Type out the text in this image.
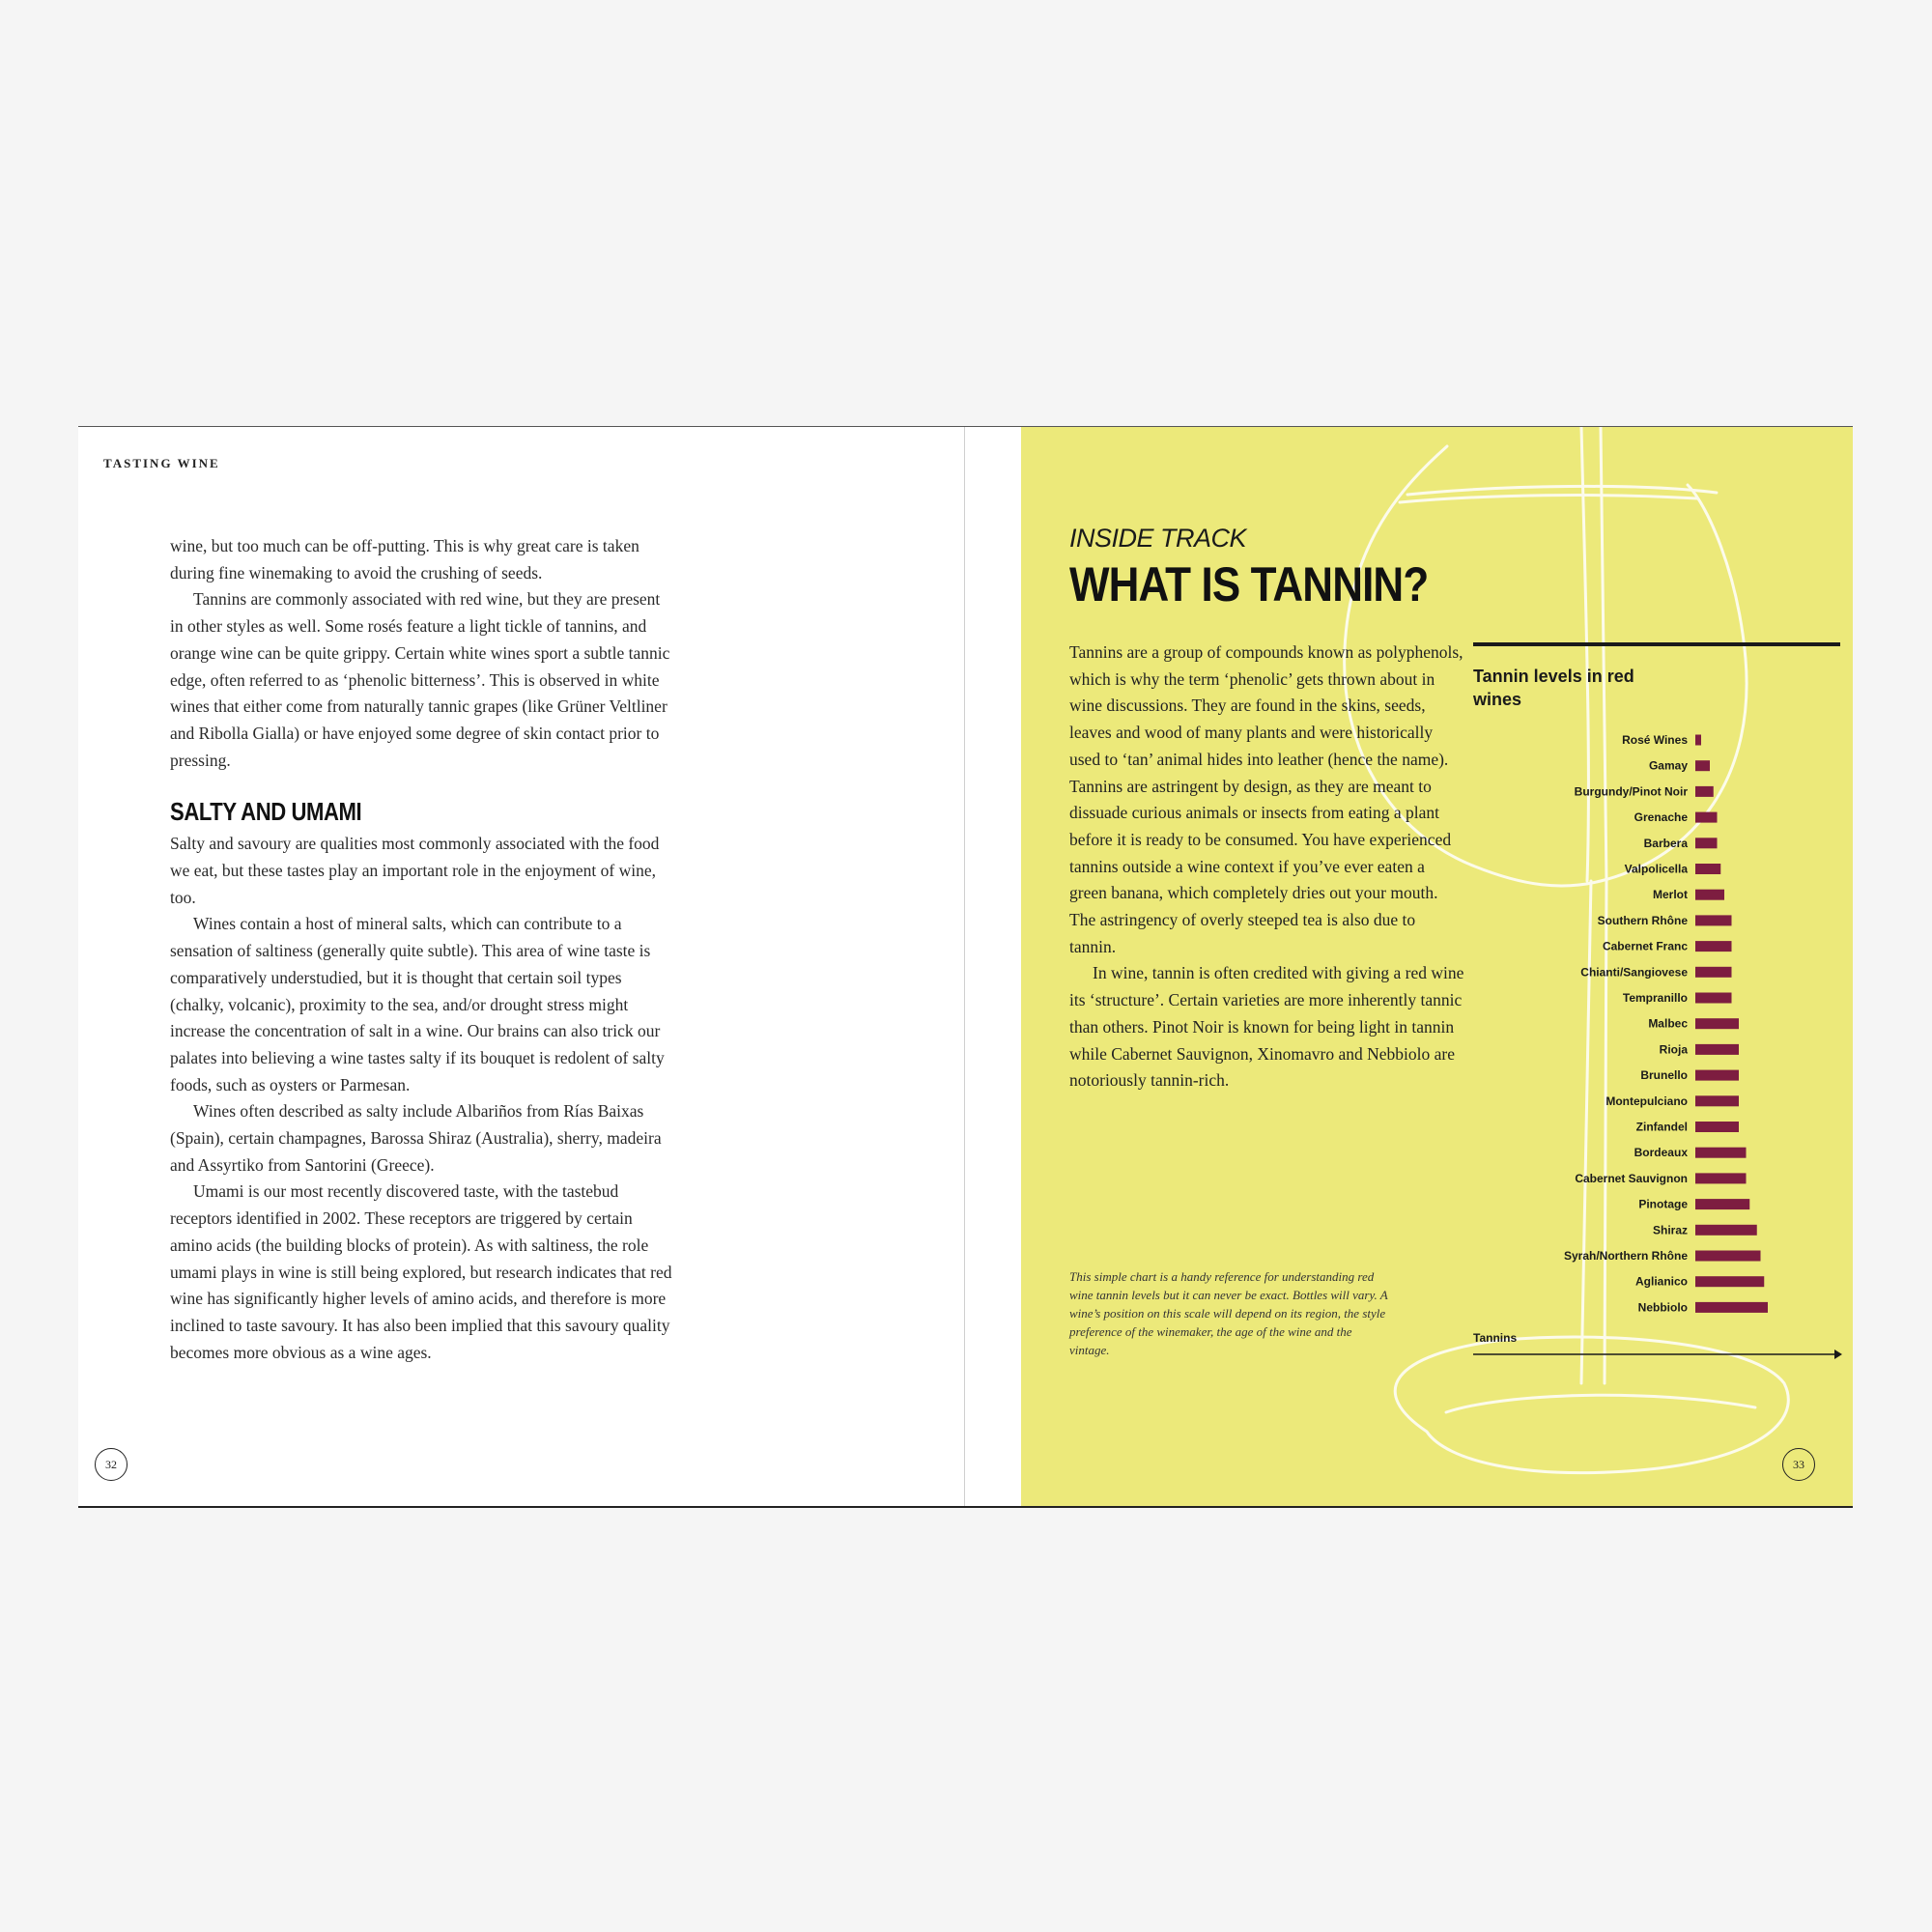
TASTING WINE

wine, but too much can be off-putting. This is why great care is taken during fine winemaking to avoid the crushing of seeds.

Tannins are commonly associated with red wine, but they are present in other styles as well. Some rosés feature a light tickle of tannins, and orange wine can be quite grippy. Certain white wines sport a subtle tannic edge, often referred to as ‘phenolic bitterness’. This is observed in white wines that either come from naturally tannic grapes (like Grüner Veltliner and Ribolla Gialla) or have enjoyed some degree of skin contact prior to pressing.

SALTY AND UMAMI

Salty and savoury are qualities most commonly associated with the food we eat, but these tastes play an important role in the enjoyment of wine, too.

Wines contain a host of mineral salts, which can contribute to a sensation of saltiness (generally quite subtle). This area of wine taste is comparatively understudied, but it is thought that certain soil types (chalky, volcanic), proximity to the sea, and/or drought stress might increase the concentration of salt in a wine. Our brains can also trick our palates into believing a wine tastes salty if its bouquet is redolent of salty foods, such as oysters or Parmesan.

Wines often described as salty include Albariños from Rías Baixas (Spain), certain champagnes, Barossa Shiraz (Australia), sherry, madeira and Assyrtiko from Santorini (Greece).

Umami is our most recently discovered taste, with the tastebud receptors identified in 2002. These receptors are triggered by certain amino acids (the building blocks of protein). As with saltiness, the role umami plays in wine is still being explored, but research indicates that red wine has significantly higher levels of amino acids, and therefore is more inclined to taste savoury. It has also been implied that this savoury quality becomes more obvious as a wine ages.

32
INSIDE TRACK
WHAT IS TANNIN?

Tannins are a group of compounds known as polyphenols, which is why the term ‘phenolic’ gets thrown about in wine discussions. They are found in the skins, seeds, leaves and wood of many plants and were historically used to ‘tan’ animal hides into leather (hence the name). Tannins are astringent by design, as they are meant to dissuade curious animals or insects from eating a plant before it is ready to be consumed. You have experienced tannins outside a wine context if you’ve ever eaten a green banana, which completely dries out your mouth. The astringency of overly steeped tea is also due to tannin.

In wine, tannin is often credited with giving a red wine its ‘structure’. Certain varieties are more inherently tannic than others. Pinot Noir is known for being light in tannin while Cabernet Sauvignon, Xinomavro and Nebbiolo are notoriously tannin-rich.

This simple chart is a handy reference for understanding red wine tannin levels but it can never be exact. Bottles will vary. A wine’s position on this scale will depend on its region, the style preference of the winemaker, the age of the wine and the vintage.
Rosé Wines
Gamay
Burgundy/Pinot Noir
Grenache
Barbera
Valpolicella
Merlot
Southern Rhône
Cabernet Franc
Chianti/Sangiovese
Tempranillo
Malbec
Rioja
Brunello
Montepulciano
Zinfandel
Bordeaux
Cabernet Sauvignon
Pinotage
Shiraz
Syrah/Northern Rhône
Aglianico
Nebbiolo
Tannin levels in red wines
Tannins
33
